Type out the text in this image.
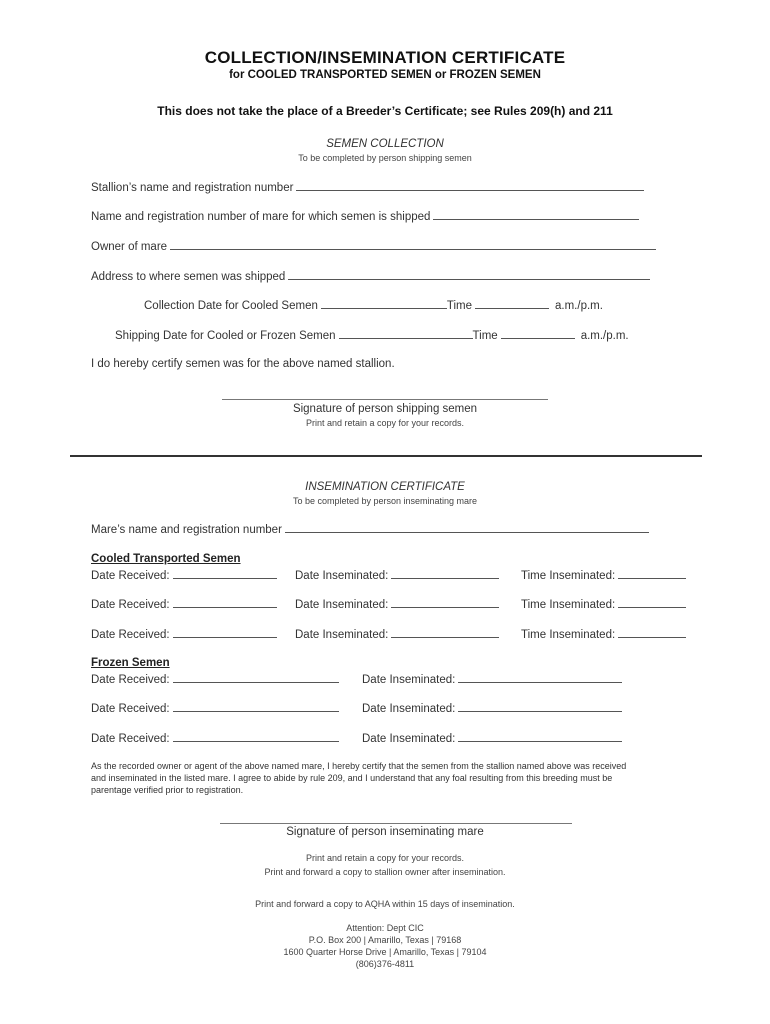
COLLECTION/INSEMINATION CERTIFICATE
for COOLED TRANSPORTED SEMEN or FROZEN SEMEN
This does not take the place of a Breeder’s Certificate; see Rules 209(h) and 211
SEMEN COLLECTION
To be completed by person shipping semen
Stallion’s name and registration number
Name and registration number of mare for which semen is shipped
Owner of mare
Address to where semen was shipped
Collection Date for Cooled Semen	Time	a.m./p.m.
Shipping Date for Cooled or Frozen Semen	Time	a.m./p.m.
I do hereby certify semen was for the above named stallion.
Signature of person shipping semen
Print and retain a copy for your records.
INSEMINATION CERTIFICATE
To be completed by person inseminating mare
Mare’s name and registration number
Cooled Transported Semen
Date Received:	Date Inseminated:	Time Inseminated:
Date Received:	Date Inseminated:	Time Inseminated:
Date Received:	Date Inseminated:	Time Inseminated:
Frozen Semen
Date Received:	Date Inseminated:
Date Received:	Date Inseminated:
Date Received:	Date Inseminated:
As the recorded owner or agent of the above named mare, I hereby certify that the semen from the stallion named above was received
and inseminated in the listed mare. I agree to abide by rule 209, and I understand that any foal resulting from this breeding must be
parentage verified prior to registration.
Signature of person inseminating mare
Print and retain a copy for your records.
Print and forward a copy to stallion owner after insemination.
Print and forward a copy to AQHA within 15 days of insemination.
Attention: Dept CIC
P.O. Box 200 | Amarillo, Texas | 79168
1600 Quarter Horse Drive | Amarillo, Texas | 79104
(806)376-4811
